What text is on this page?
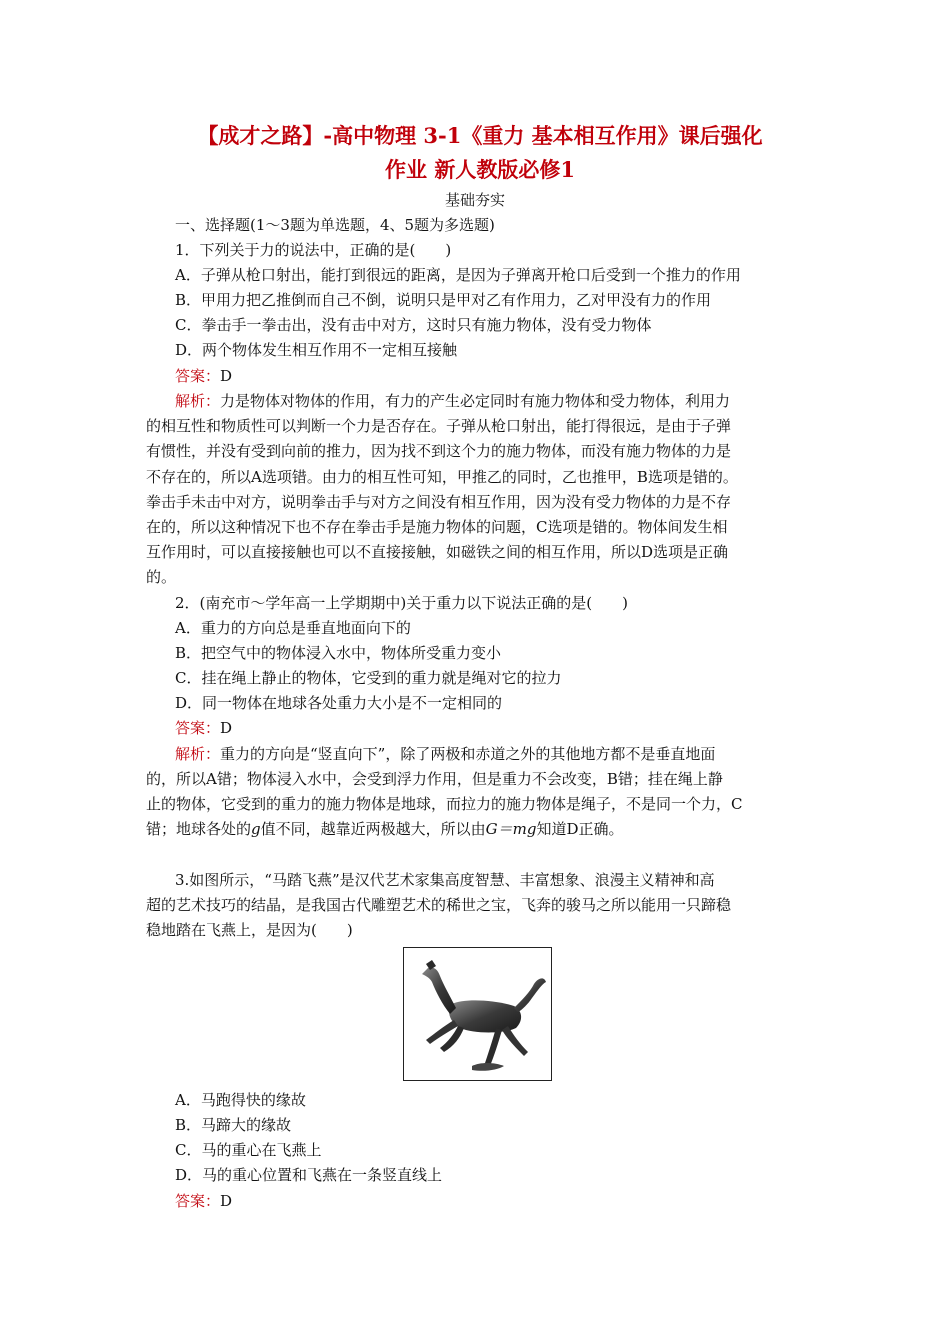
【成才之路】-高中物理 3-1《重力 基本相互作用》课后强化
作业 新人教版必修1
基础夯实
一、选择题(1～3题为单选题，4、5题为多选题)
1．下列关于力的说法中，正确的是(　　)
A．子弹从枪口射出，能打到很远的距离，是因为子弹离开枪口后受到一个推力的作用
B．甲用力把乙推倒而自己不倒，说明只是甲对乙有作用力，乙对甲没有力的作用
C．拳击手一拳击出，没有击中对方，这时只有施力物体，没有受力物体
D．两个物体发生相互作用不一定相互接触
答案：D
解析：力是物体对物体的作用，有力的产生必定同时有施力物体和受力物体，利用力
的相互性和物质性可以判断一个力是否存在。子弹从枪口射出，能打得很远，是由于子弹
有惯性，并没有受到向前的推力，因为找不到这个力的施力物体，而没有施力物体的力是
不存在的，所以A选项错。由力的相互性可知，甲推乙的同时，乙也推甲，B选项是错的。
拳击手未击中对方，说明拳击手与对方之间没有相互作用，因为没有受力物体的力是不存
在的，所以这种情况下也不存在拳击手是施力物体的问题，C选项是错的。物体间发生相
互作用时，可以直接接触也可以不直接接触，如磁铁之间的相互作用，所以D选项是正确
的。
2．(南充市～学年高一上学期期中)关于重力以下说法正确的是(　　)
A．重力的方向总是垂直地面向下的
B．把空气中的物体浸入水中，物体所受重力变小
C．挂在绳上静止的物体，它受到的重力就是绳对它的拉力
D．同一物体在地球各处重力大小是不一定相同的
答案：D
解析：重力的方向是“竖直向下”，除了两极和赤道之外的其他地方都不是垂直地面
的，所以A错；物体浸入水中，会受到浮力作用，但是重力不会改变，B错；挂在绳上静
止的物体，它受到的重力的施力物体是地球，而拉力的施力物体是绳子，不是同一个力，C
错；地球各处的g值不同，越靠近两极越大，所以由G＝mg知道D正确。
3.如图所示，“马踏飞燕”是汉代艺术家集高度智慧、丰富想象、浪漫主义精神和高
超的艺术技巧的结晶，是我国古代雕塑艺术的稀世之宝，飞奔的骏马之所以能用一只蹄稳
稳地踏在飞燕上，是因为(　　)
A．马跑得快的缘故
B．马蹄大的缘故
C．马的重心在飞燕上
D．马的重心位置和飞燕在一条竖直线上
答案：D
